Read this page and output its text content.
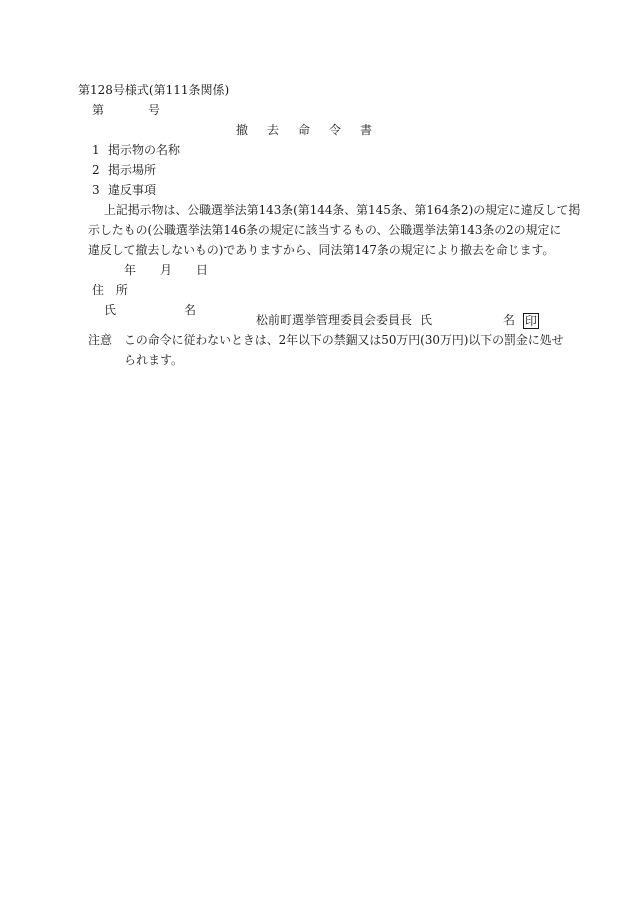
第128号様式(第111条関係)
第	号
撤去命令書
1 掲示物の名称
2 掲示場所
3 違反事項
上記掲示物は、公職選挙法第143条(第144条、第145条、第164条2)の規定に違反して掲
示したもの(公職選挙法第146条の規定に該当するもの、公職選挙法第143条の2の規定に
違反して撤去しないもの)でありますから、同法第147条の規定により撤去を命じます。
年 月 日
住 所
氏	名
松前町選挙管理委員会委員長 氏	名 印
注意 この命令に従わないときは、2年以下の禁錮又は50万円(30万円)以下の罰金に処せ
られます。
